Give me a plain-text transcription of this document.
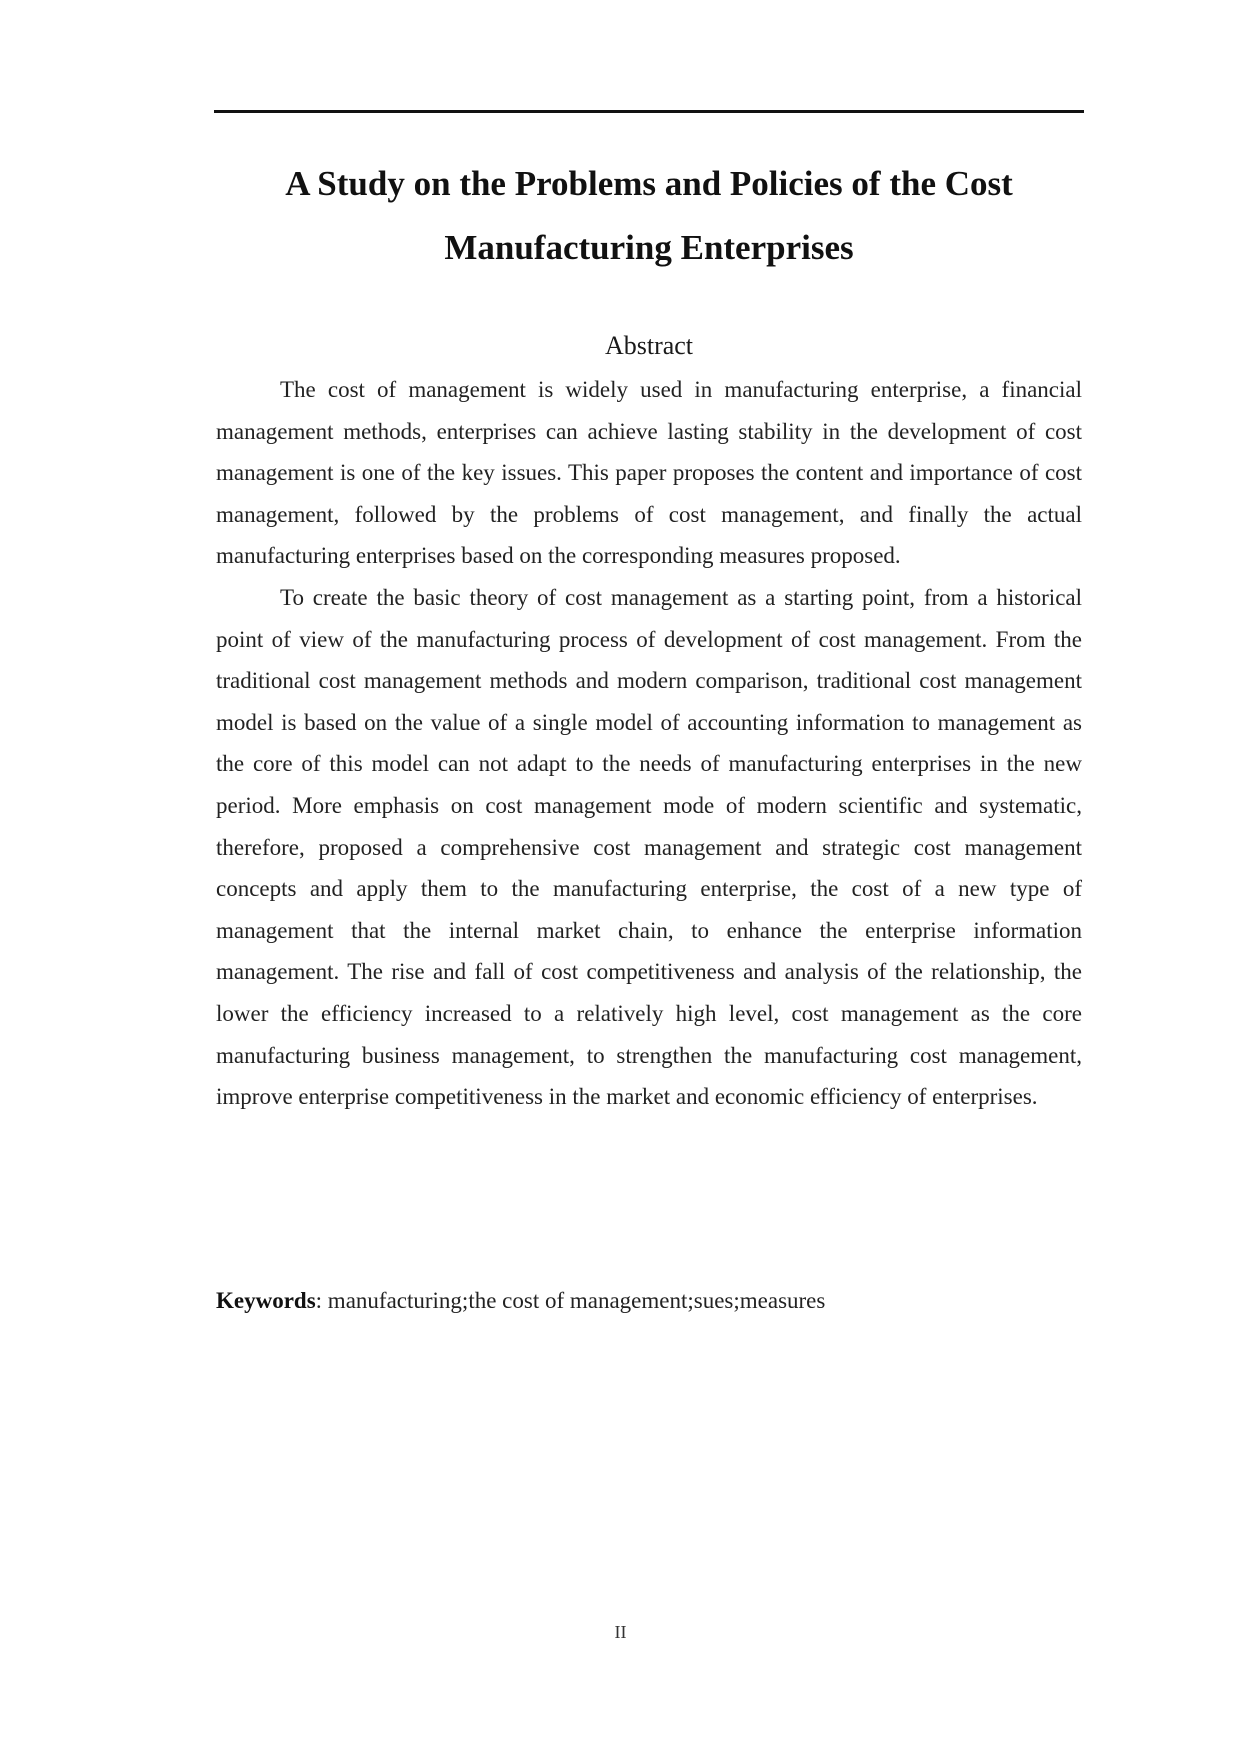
A Study on the Problems and Policies of the Cost Manufacturing Enterprises
Abstract

The cost of management is widely used in manufacturing enterprise, a financial management methods, enterprises can achieve lasting stability in the development of cost management is one of the key issues. This paper proposes the content and importance of cost management, followed by the problems of cost management, and finally the actual manufacturing enterprises based on the corresponding measures proposed.

To create the basic theory of cost management as a starting point, from a historical point of view of the manufacturing process of development of cost management. From the traditional cost management methods and modern comparison, traditional cost management model is based on the value of a single model of accounting information to management as the core of this model can not adapt to the needs of manufacturing enterprises in the new period. More emphasis on cost management mode of modern scientific and systematic, therefore, proposed a comprehensive cost management and strategic cost management concepts and apply them to the manufacturing enterprise, the cost of a new type of management that the internal market chain, to enhance the enterprise information management. The rise and fall of cost competitiveness and analysis of the relationship, the lower the efficiency increased to a relatively high level, cost management as the core manufacturing business management, to strengthen the manufacturing cost management, improve enterprise competitiveness in the market and economic efficiency of enterprises.

Keywords: manufacturing;the cost of management;sues;measures

II
